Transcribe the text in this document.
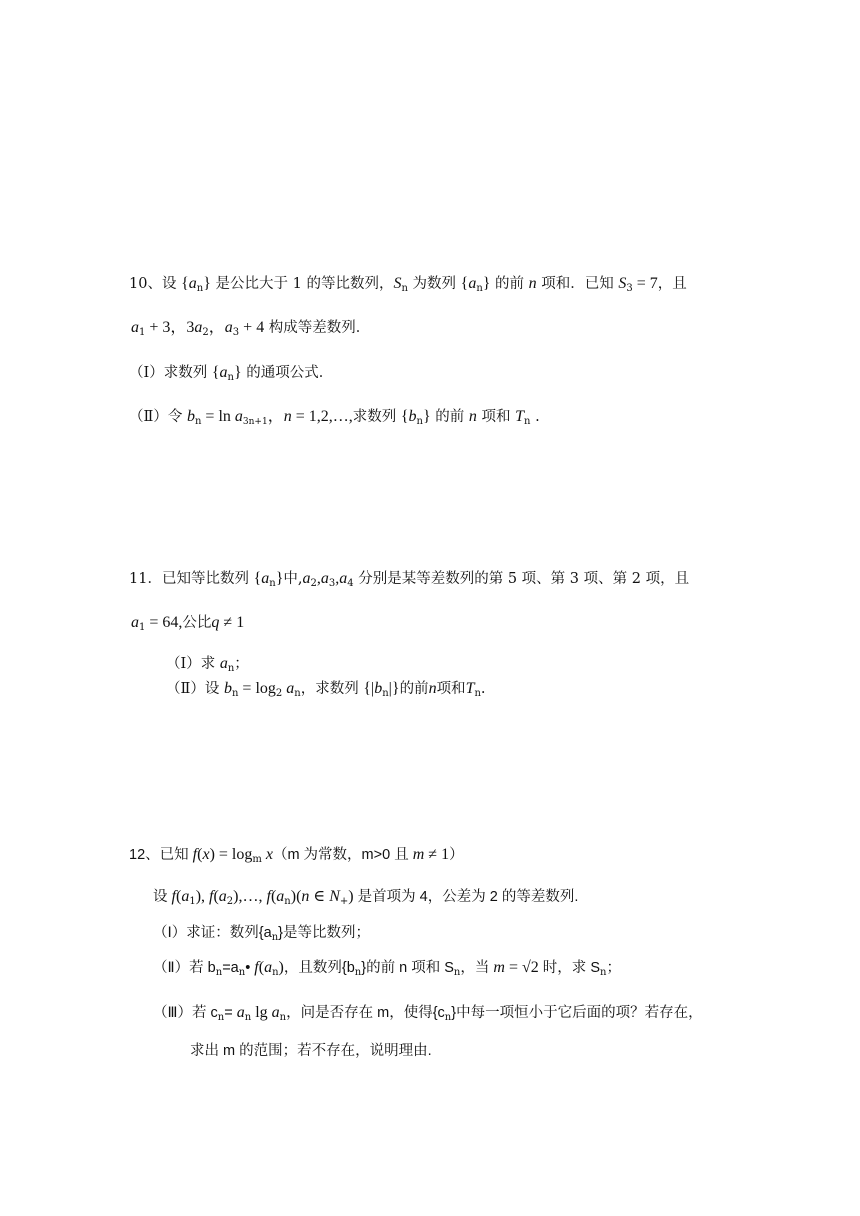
10、设 $\{a_n\}$ 是公比大于 1 的等比数列，$S_n$ 为数列 $\{a_n\}$ 的前 n 项和．已知 $S_3 = 7$，且
$a_1 + 3$，$3a_2$，$a_3 + 4$ 构成等差数列．
（Ⅰ）求数列 $\{a_n\}$ 的通项公式．
（Ⅱ）令 $b_n = \ln a_{3n+1}$，n = 1,2,…,求数列 $\{b_n\}$ 的前 n 项和 $T_n$ .
11．已知等比数列 $\{a_n\}$中$,a_2,a_3,a_4$ 分别是某等差数列的第 5 项、第 3 项、第 2 项，且
$a_1 = 64$,公比q ≠ 1
（Ⅰ）求 $a_n$；
（Ⅱ）设 $b_n = \log_2 a_n$，求数列 $\{|b_n|\}$的前n项和$T_n$.
12、已知 $f(x) = \log_m x(m$ 为常数，m>0 且 m ≠ 1）
设 $f(a_1)$, $f(a_2),\dots$, $f(a_n)(n$ ∈ $N_+$) 是首项为 4，公差为 2 的等差数列.
（Ⅰ）求证：数列$\{a_n\}$是等比数列；
（Ⅱ）若 $b_n=a_n•$ $f(a_n)$，且数列$\{b_n\}$的前 n 项和 $S_n$，当 m = √2 时，求 $S_n$；
（Ⅲ）若 $c_n= a_n$ $\lg a_n$，问是否存在 m，使得$\{c_n\}$中每一项恒小于它后面的项？若存在，
求出 m 的范围；若不存在，说明理由.
